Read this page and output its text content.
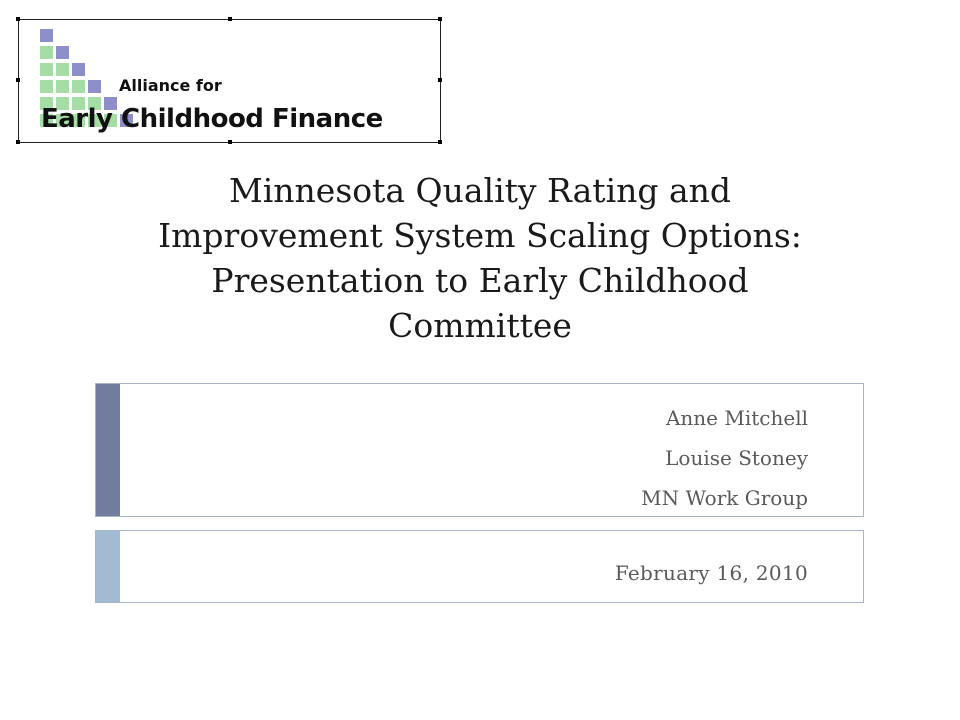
Alliance for
Early Childhood Finance
Minnesota Quality Rating and
Improvement System Scaling Options:
Presentation to Early Childhood
Committee
Anne Mitchell
Louise Stoney
MN Work Group
February 16, 2010
